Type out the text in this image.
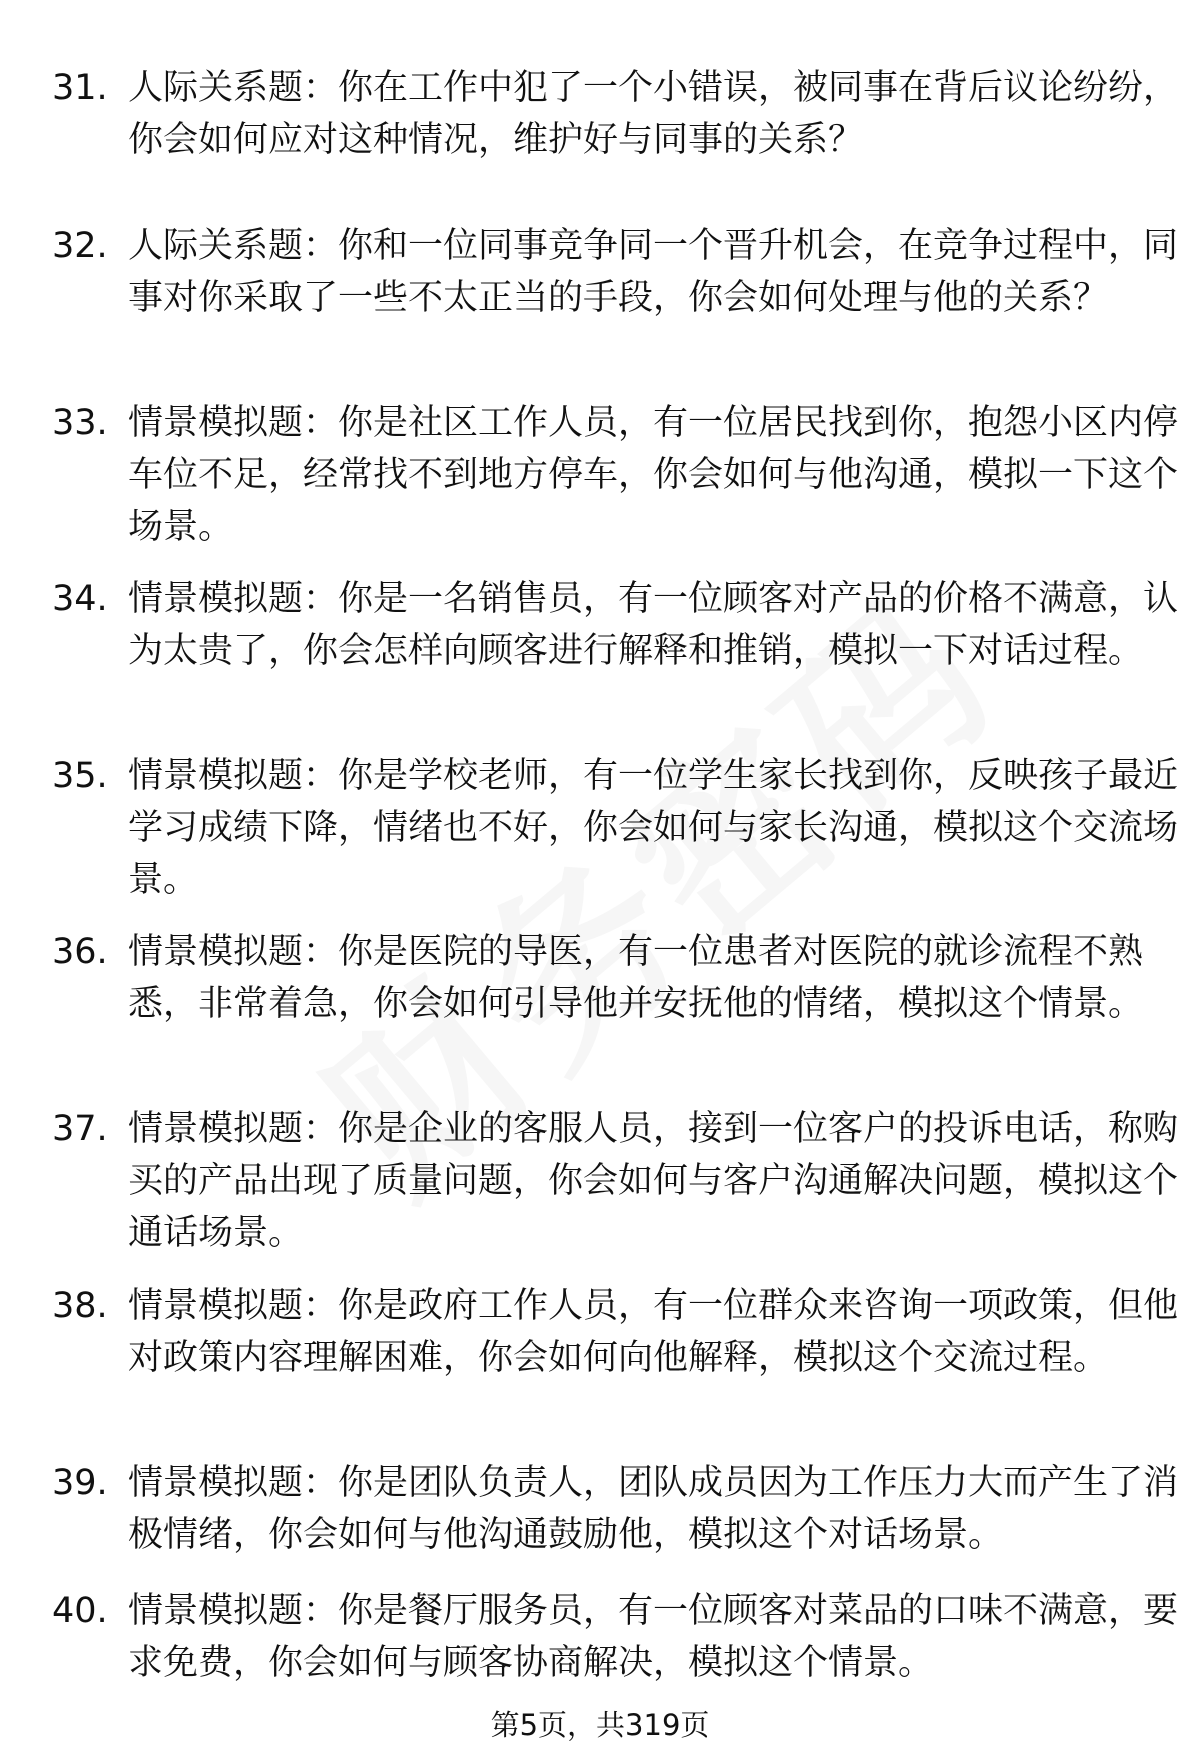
31. 人际关系题：你在工作中犯了一个小错误，被同事在背后议论纷纷，你会如何应对这种情况，维护好与同事的关系？
32. 人际关系题：你和一位同事竞争同一个晋升机会，在竞争过程中，同事对你采取了一些不太正当的手段，你会如何处理与他的关系？
33. 情景模拟题：你是社区工作人员，有一位居民找到你，抱怨小区内停车位不足，经常找不到地方停车，你会如何与他沟通，模拟一下这个场景。
34. 情景模拟题：你是一名销售员，有一位顾客对产品的价格不满意，认为太贵了，你会怎样向顾客进行解释和推销，模拟一下对话过程。
35. 情景模拟题：你是学校老师，有一位学生家长找到你，反映孩子最近学习成绩下降，情绪也不好，你会如何与家长沟通，模拟这个交流场景。
36. 情景模拟题：你是医院的导医，有一位患者对医院的就诊流程不熟悉，非常着急，你会如何引导他并安抚他的情绪，模拟这个情景。
37. 情景模拟题：你是企业的客服人员，接到一位客户的投诉电话，称购买的产品出现了质量问题，你会如何与客户沟通解决问题，模拟这个通话场景。
38. 情景模拟题：你是政府工作人员，有一位群众来咨询一项政策，但他对政策内容理解困难，你会如何向他解释，模拟这个交流过程。
39. 情景模拟题：你是团队负责人，团队成员因为工作压力大而产生了消极情绪，你会如何与他沟通鼓励他，模拟这个对话场景。
40. 情景模拟题：你是餐厅服务员，有一位顾客对菜品的口味不满意，要求免费，你会如何与顾客协商解决，模拟这个情景。
第5页，共319页
